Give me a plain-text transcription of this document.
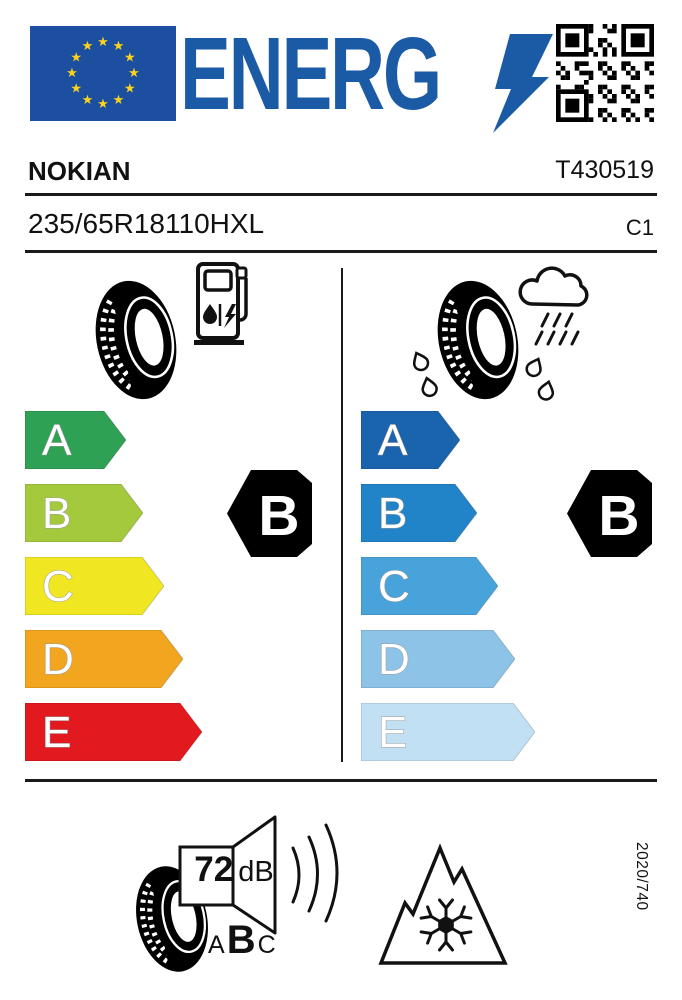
★ ★
★
★
★
★
★
★
★
★
★
★ ENERG
NOKIAN	T430519
235/65R18110HXL	C1
A
B
C
D
E
A
B
C
D
E
B	B
72 dB
A B C
2020/740
